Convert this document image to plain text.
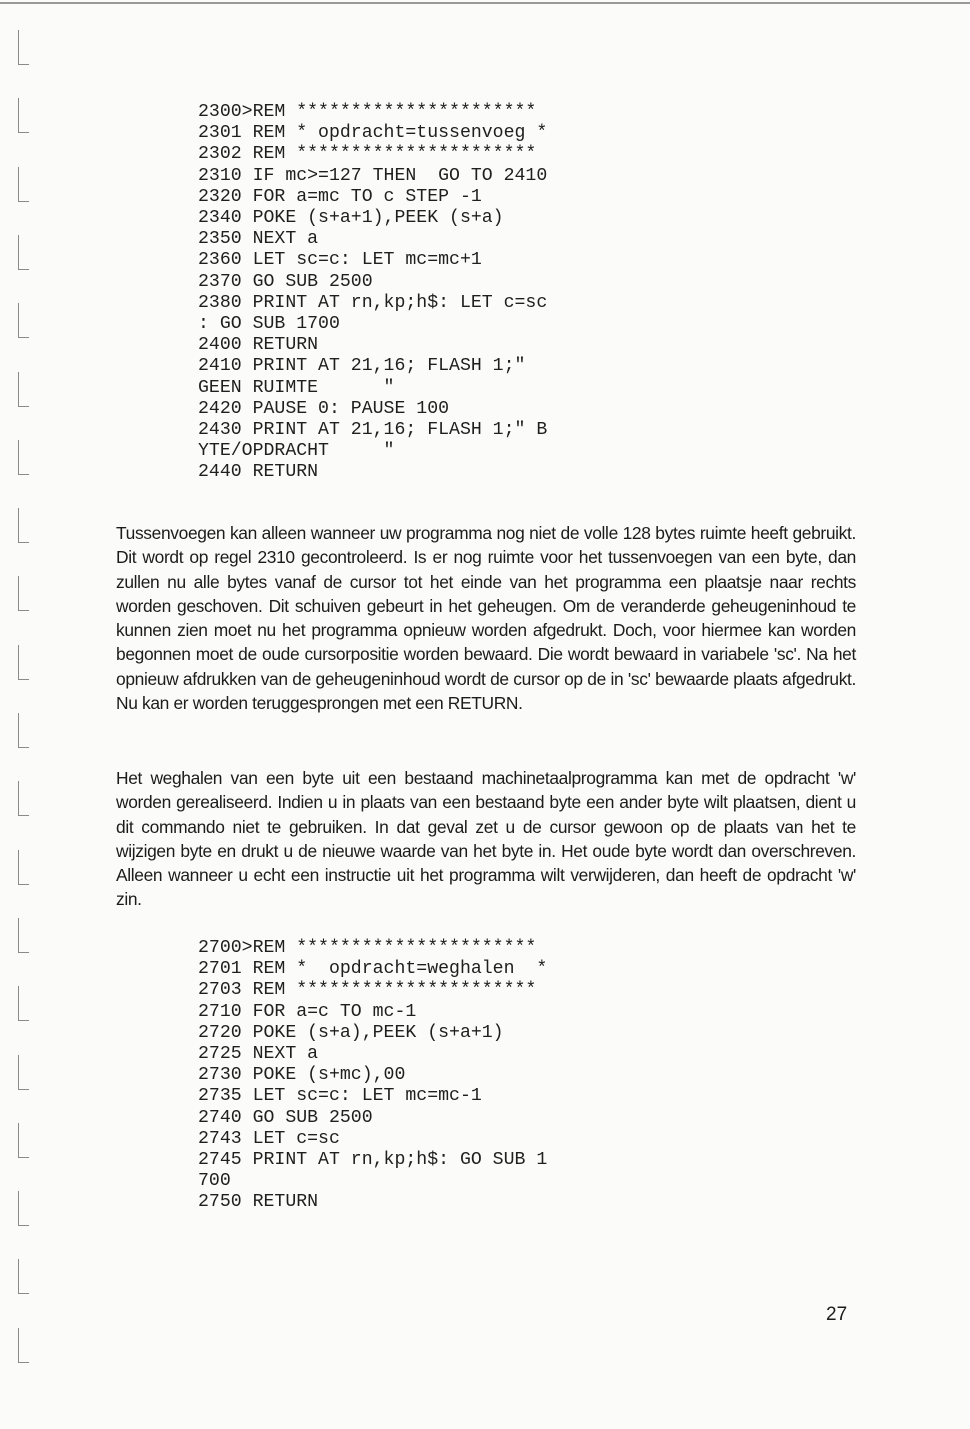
2300>REM **********************
2301 REM * opdracht=tussenvoeg *
2302 REM **********************
2310 IF mc>=127 THEN  GO TO 2410
2320 FOR a=mc TO c STEP -1
2340 POKE (s+a+1),PEEK (s+a)
2350 NEXT a
2360 LET sc=c: LET mc=mc+1
2370 GO SUB 2500
2380 PRINT AT rn,kp;h$: LET c=sc
: GO SUB 1700
2400 RETURN
2410 PRINT AT 21,16; FLASH 1;"
GEEN RUIMTE      "
2420 PAUSE 0: PAUSE 100
2430 PRINT AT 21,16; FLASH 1;" B
YTE/OPDRACHT     "
2440 RETURN

Tussenvoegen kan alleen wanneer uw programma nog niet de volle 128 bytes ruimte heeft gebruikt. Dit wordt op regel 2310 gecontroleerd. Is er nog ruimte voor het tussenvoegen van een byte, dan zullen nu alle bytes vanaf de cursor tot het einde van het programma een plaatsje naar rechts worden geschoven. Dit schuiven gebeurt in het geheugen. Om de veranderde geheugeninhoud te kunnen zien moet nu het programma opnieuw worden afgedrukt. Doch, voor hiermee kan worden begonnen moet de oude cursorpositie worden bewaard. Die wordt bewaard in variabele 'sc'. Na het opnieuw afdrukken van de geheugeninhoud wordt de cursor op de in 'sc' bewaarde plaats afgedrukt. Nu kan er worden teruggesprongen met een RETURN.

Het weghalen van een byte uit een bestaand machinetaalprogramma kan met de opdracht 'w' worden gerealiseerd. Indien u in plaats van een bestaand byte een ander byte wilt plaatsen, dient u dit commando niet te gebruiken. In dat geval zet u de cursor gewoon op de plaats van het te wijzigen byte en drukt u de nieuwe waarde van het byte in. Het oude byte wordt dan overschreven. Alleen wanneer u echt een instructie uit het programma wilt verwijderen, dan heeft de opdracht 'w' zin.

2700>REM **********************
2701 REM *  opdracht=weghalen  *
2703 REM **********************
2710 FOR a=c TO mc-1
2720 POKE (s+a),PEEK (s+a+1)
2725 NEXT a
2730 POKE (s+mc),00
2735 LET sc=c: LET mc=mc-1
2740 GO SUB 2500
2743 LET c=sc
2745 PRINT AT rn,kp;h$: GO SUB 1
700
2750 RETURN
27
